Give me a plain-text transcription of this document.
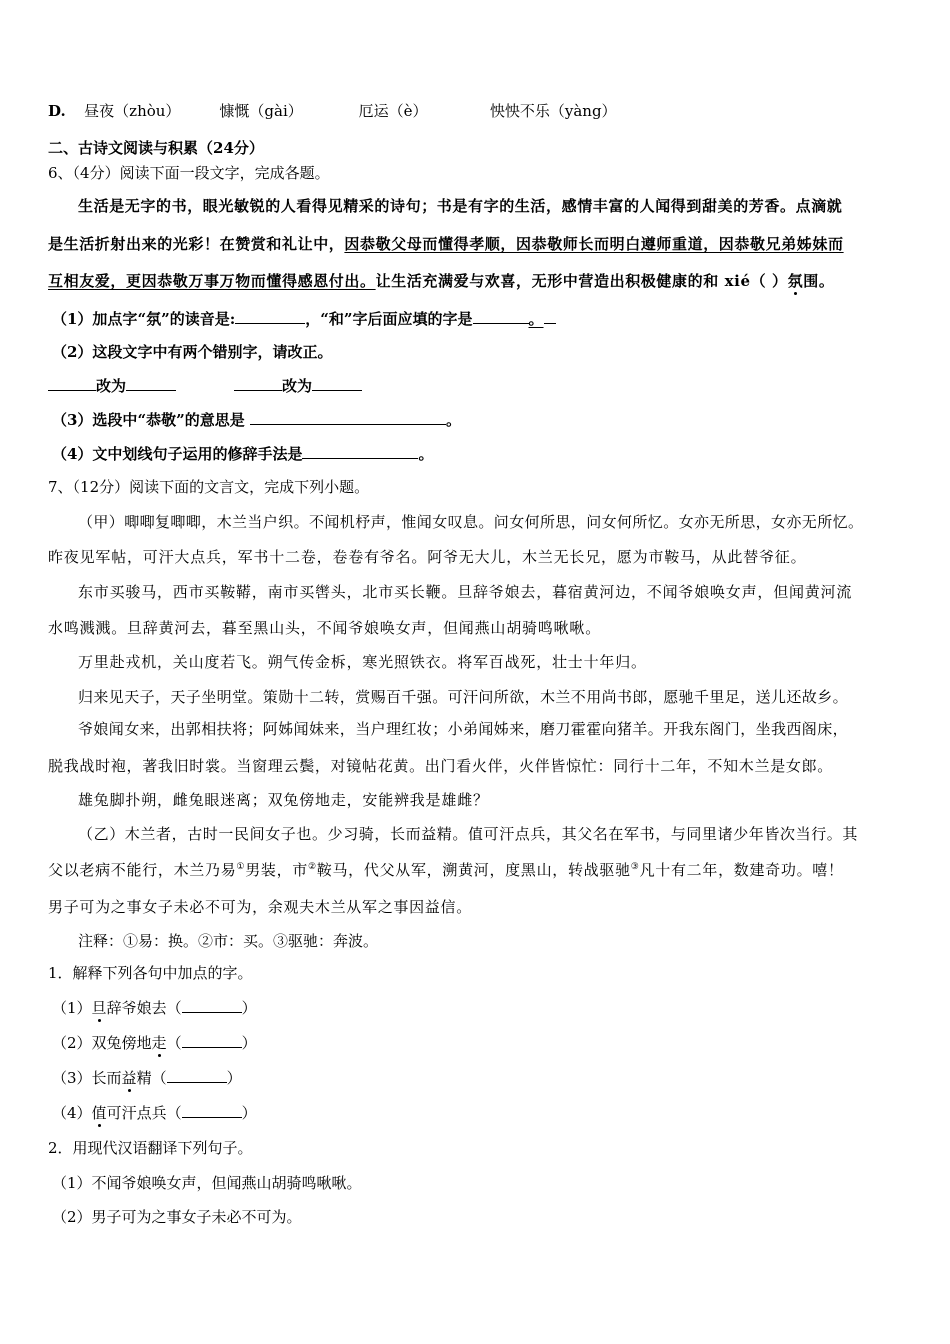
D. 昼夜（zhòu）	慷慨（gài）	厄运（è）	怏怏不乐（yàng）
二、古诗文阅读与积累（24分）
6、（4分）阅读下面一段文字，完成各题。
生活是无字的书，眼光敏锐的人看得见精采的诗句；书是有字的生活，感情丰富的人闻得到甜美的芳香。点滴就
是生活折射出来的光彩！在赞赏和礼让中，因恭敬父母而懂得孝顺，因恭敬师长而明白遵师重道，因恭敬兄弟姊妹而
互相友爱，更因恭敬万事万物而懂得感恩付出。让生活充满爱与欢喜，无形中营造出积极健康的和 xié（ ）氛围。
（1）加点字“氛”的读音是:	，“和”字后面应填的字是	。
（2）这段文字中有两个错别字，请改正。
改为	改为
（3）选段中“恭敬”的意思是	。
（4）文中划线句子运用的修辞手法是	。
7、（12分）阅读下面的文言文，完成下列小题。
（甲）唧唧复唧唧，木兰当户织。不闻机杼声，惟闻女叹息。问女何所思，问女何所忆。女亦无所思，女亦无所忆。
昨夜见军帖，可汗大点兵，军书十二卷，卷卷有爷名。阿爷无大儿，木兰无长兄，愿为市鞍马，从此替爷征。
东市买骏马，西市买鞍鞯，南市买辔头，北市买长鞭。旦辞爷娘去，暮宿黄河边，不闻爷娘唤女声，但闻黄河流
水鸣溅溅。旦辞黄河去，暮至黑山头，不闻爷娘唤女声，但闻燕山胡骑鸣啾啾。
万里赴戎机，关山度若飞。朔气传金柝，寒光照铁衣。将军百战死，壮士十年归。
归来见天子，天子坐明堂。策勋十二转，赏赐百千强。可汗问所欲，木兰不用尚书郎，愿驰千里足，送儿还故乡。
爷娘闻女来，出郭相扶将；阿姊闻妹来，当户理红妆；小弟闻姊来，磨刀霍霍向猪羊。开我东阁门，坐我西阁床，
脱我战时袍，著我旧时裳。当窗理云鬓，对镜帖花黄。出门看火伴，火伴皆惊忙：同行十二年，不知木兰是女郎。
雄兔脚扑朔，雌兔眼迷离；双兔傍地走，安能辨我是雄雌？
（乙）木兰者，古时一民间女子也。少习骑，长而益精。值可汗点兵，其父名在军书，与同里诸少年皆次当行。其
父以老病不能行，木兰乃易①男装，市②鞍马，代父从军，溯黄河，度黑山，转战驱驰③凡十有二年，数建奇功。嘻！
男子可为之事女子未必不可为，余观夫木兰从军之事因益信。
注释：①易：换。②市：买。③驱驰：奔波。
1．解释下列各句中加点的字。
（1）旦辞爷娘去（	）
（2）双兔傍地走（	）
（3）长而益精（	）
（4）值可汗点兵（	）
2．用现代汉语翻译下列句子。
（1）不闻爷娘唤女声，但闻燕山胡骑鸣啾啾。
（2）男子可为之事女子未必不可为。
